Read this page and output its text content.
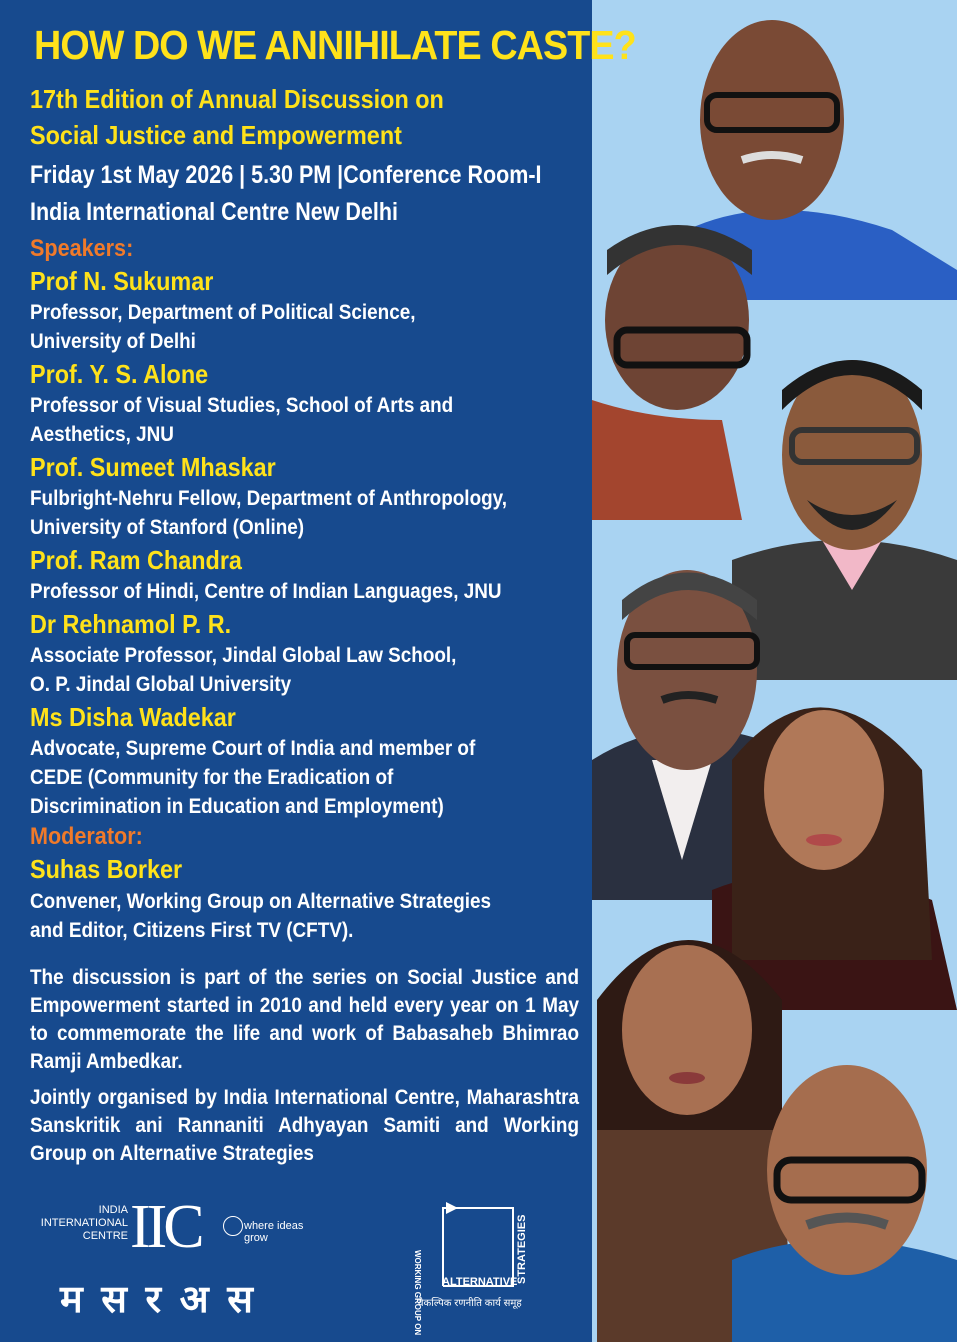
HOW DO WE ANNIHILATE CASTE?
17th Edition of Annual Discussion on
Social Justice and Empowerment
Friday 1st May 2026 | 5.30 PM |Conference Room-I
India International Centre New Delhi
Speakers:
Prof N. Sukumar
Professor, Department of Political Science,
University of Delhi
Prof. Y. S. Alone
Professor of Visual Studies, School of Arts and
Aesthetics, JNU
Prof. Sumeet Mhaskar
Fulbright-Nehru Fellow, Department of Anthropology,
University of Stanford (Online)
Prof. Ram Chandra
Professor of Hindi, Centre of Indian Languages, JNU
Dr Rehnamol P. R.
Associate Professor, Jindal Global Law School,
O. P. Jindal Global University
Ms Disha Wadekar
Advocate, Supreme Court of India and member of
CEDE (Community for the Eradication of
Discrimination in Education and Employment)
Moderator:
Suhas Borker
Convener, Working Group on Alternative Strategies
and Editor, Citizens First TV (CFTV).
The discussion is part of the series on Social Justice and Empowerment started in 2010 and held every year on 1 May to commemorate the life and work of Babasaheb Bhimrao Ramji Ambedkar.
Jointly organised by India International Centre, Maharashtra Sanskritik ani Rannaniti Adhyayan Samiti and Working Group on Alternative Strategies
INDIA
INTERNATIONAL
CENTRE IIC	where ideas grow
म स र अ स	WORKING GROUP ON
STRATEGIES
ALTERNATIVE
वैकल्पिक रणनीति कार्य समूह
